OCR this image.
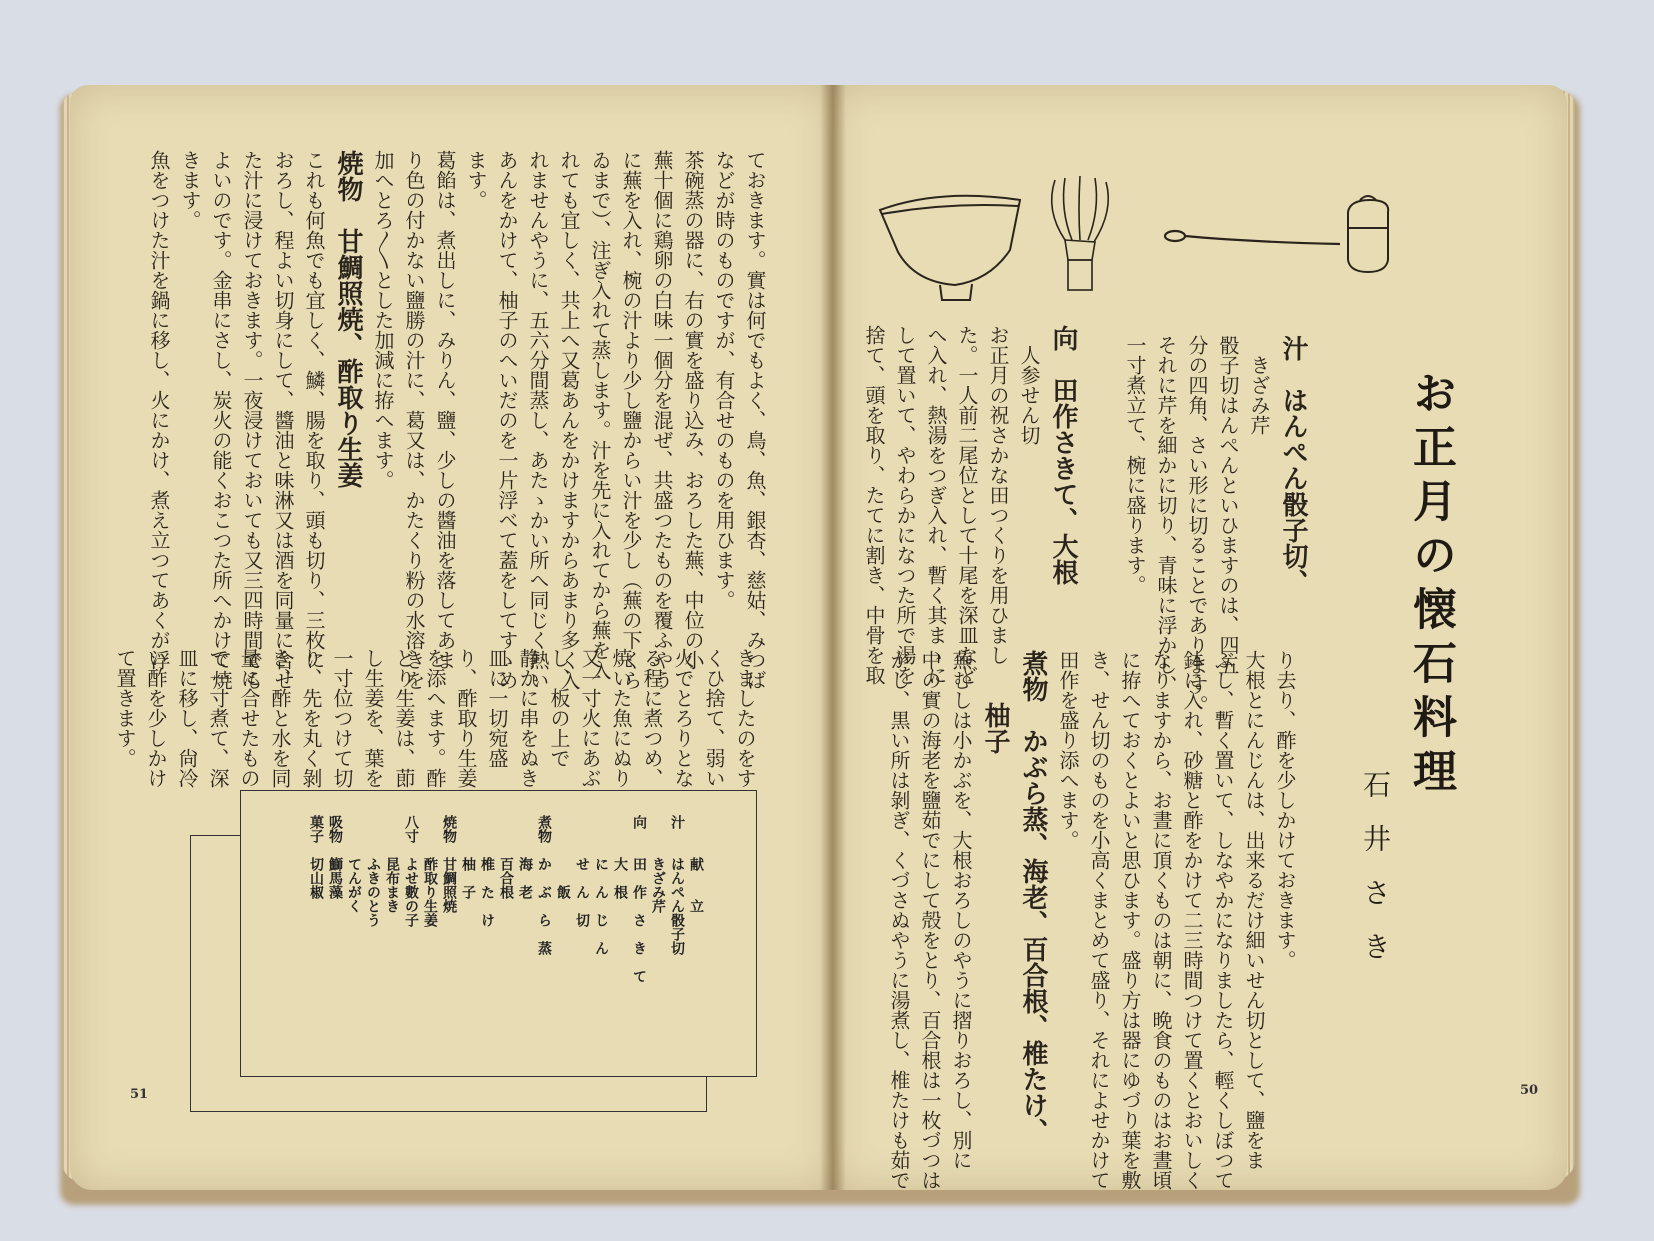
お正月の懐石料理
石井さき

汁　はんぺん骰子切、

　きざみ芹

骰子切はんぺんといひますのは、四五

分の四角、さい形に切ることであります。

それに芹を細かに切り、青味に浮かし、

一寸煮立て、椀に盛ります。

向　田作さきて、大根

　人参せん切

お正月の祝さかな田つくりを用ひまし

た。一人前二尾位として十尾を深皿など

へ入れ、熱湯をつぎ入れ、暫く其まゝに

して置いて、やわらかになつた所で湯を

捨て、頭を取り、たてに割き、中骨を取

り去り、酢を少しかけておきます。

大根とにんじんは、出来るだけ細いせん切として、鹽をま

ぶし、暫く置いて、しなやかになりましたら、輕くしぼつて

鉢に入れ、砂糖と酢をかけて二三時間つけて置くとおいしく

なりますから、お晝に頂くものは朝に、晩食のものはお晝頃

に拵へておくとよいと思ひます。盛り方は器にゆづり葉を敷

き、せん切のものを小高くまとめて盛り、それによせかけて

田作を盛り添へます。

煮物　かぶら蒸、海老、百合根、椎たけ、

　　柚子

蕪むしは小かぶを、大根おろしのやうに摺りおろし、別に

中の實の海老を鹽茹でにして殻をとり、百合根は一枚づつは

がし、黒い所は剝ぎ、くづさぬやうに湯煮し、椎たけも茹で

ておきます。實は何でもよく、鳥、魚、銀杏、慈姑、みつば

などが時のものですが、有合せのものを用ひます。

茶碗蒸の器に、右の實を盛り込み、おろした蕪、中位の小

蕪十個に鶏卵の白味一個分を混ぜ、共盛つたものを覆ふやう

に蕪を入れ、椀の汁より少し鹽からい汁を少し（蕪の下くら

ゐまで）、注ぎ入れて蒸します。汁を先に入れてから蕪を入

れても宜しく、共上へ又葛あんをかけますからあまり多く入

れませんやうに、五六分間蒸し、あたゝかい所へ同じく熱い

あんをかけて、柚子のへいだのを一片浮べて蓋をしてすゝめ

ます。

葛餡は、煮出しに、みりん、鹽、少しの醬油を落してあま

り色の付かない鹽勝の汁に、葛又は、かたくり粉の水溶きを

加へとろ〳〵とした加減に拵へます。

焼物　甘鯛照焼、酢取り生姜

これも何魚でも宜しく、鱗、腸を取り、頭も切り、三枚に

おろし、程よい切身にして、醬油と味淋又は酒を同量に合せ

た汁に浸けておきます。一夜浸けておいても又三四時間でも

よいのです。金串にさし、炭火の能くおこつた所へかけて焼

きます。

魚をつけた汁を鍋に移し、火にかけ、煮え立つてあくが浮

きましたのをす

くひ捨て、弱い

火でとろりとな

る程に煮つめ、

焼いた魚にぬり

又一寸火にあぶ

し、板の上で

静かに串をぬき

皿に一切宛盛

り、酢取り生姜

を添へます。酢

どり生姜は、莭

し生姜を、葉を

一寸位つけて切

り、先を丸く剝

き、酢と水を同

量に合せたもの

で一寸煮て、深

皿に移し、尙冷

い酢を少しかけ

て置きます。

　　　献　　立

汁　　はんぺん骰子切

　　　きざみ芹

向　　田　作　さ　き　て

　　　大　根

　　　に　ん　じ　ん

　　　せ　ん　切

　　　　　飯

煮物　か　ぶ　ら　蒸

　　　海　老

　　　百合根

　　　椎　た　け

　　　柚　子

焼物　甘鯛照焼

　　　酢取り生姜

八寸　よせ數の子

　　　昆布まき

　　　ふきのとう

　　　てんがく

吸物　鰤馬藻

菓子　切山椒

51	50
